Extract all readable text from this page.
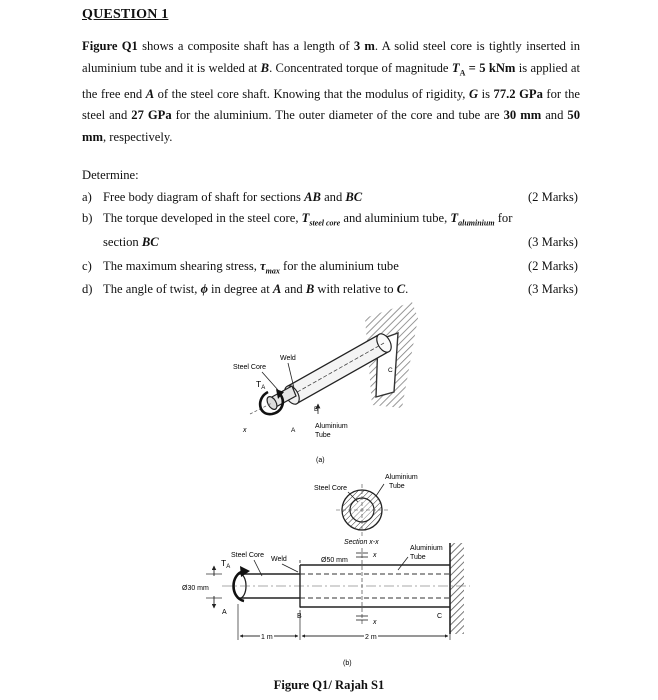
QUESTION 1
Figure Q1 shows a composite shaft has a length of 3 m. A solid steel core is tightly inserted in aluminium tube and it is welded at B. Concentrated torque of magnitude $T_A = 5$ kNm is applied at the free end A of the steel core shaft. Knowing that the modulus of rigidity, G is 77.2 GPa for the steel and 27 GPa for the aluminium. The outer diameter of the core and tube are 30 mm and 50 mm, respectively.
Determine:
a) Free body diagram of shaft for sections AB and BC	(2 Marks)
b) The torque developed in the steel core, $T_{steel core}$ and aluminium tube, $T_{aluminium}$ for
section BC	(3 Marks)
c) The maximum shearing stress, $\tau_{max}$ for the aluminium tube	(2 Marks)
d) The angle of twist, ϕ in degree at A and B with relative to C.	(3 Marks)
Steel Core
Weld
$T_A$
A
B
C
x
Aluminium
Tube
(a)
Aluminium
Tube
Steel Core
Section x-x
Steel Core
Weld	Ø50 mm
Aluminium
Tube
$T_A$
Ø30 mm
A
B	C
x
x
1 m	2 m
(b)
Figure Q1/ Rajah S1
